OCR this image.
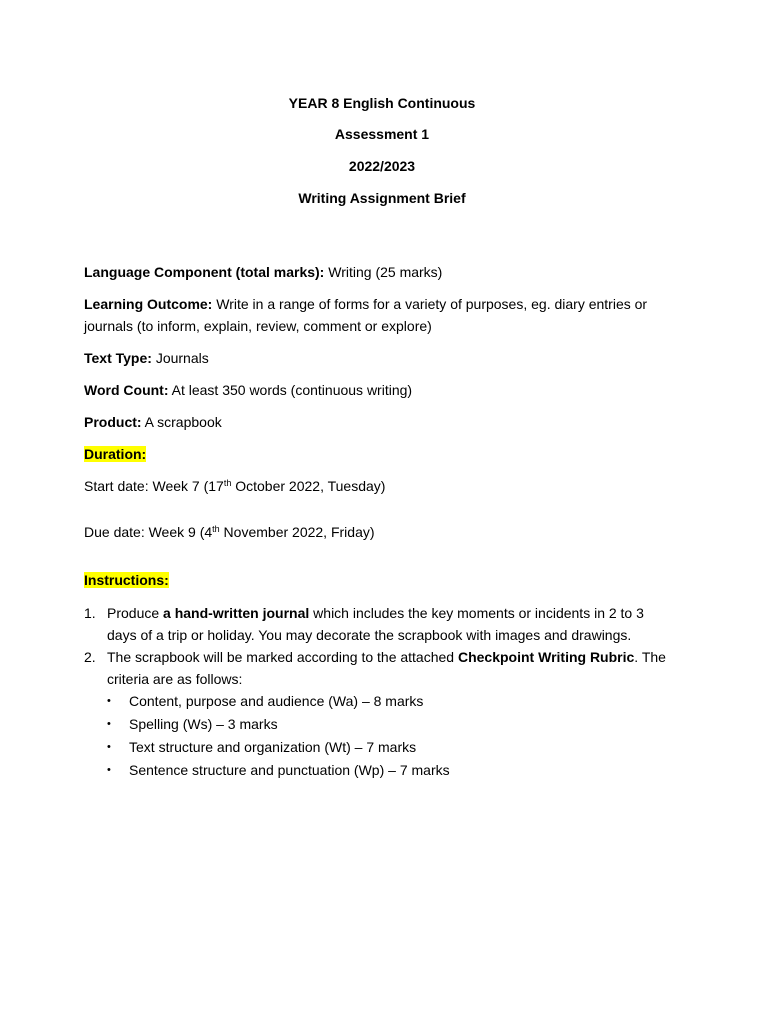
YEAR 8 English Continuous
Assessment 1
2022/2023
Writing Assignment Brief
Language Component (total marks): Writing (25 marks)
Learning Outcome: Write in a range of forms for a variety of purposes, eg. diary entries or
journals (to inform, explain, review, comment or explore)
Text Type: Journals
Word Count: At least 350 words (continuous writing)
Product: A scrapbook
Duration:
Start date: Week 7 (17th October 2022, Tuesday)
Due date: Week 9 (4th November 2022, Friday)
Instructions:
1. Produce a hand-written journal which includes the key moments or incidents in 2 to 3
days of a trip or holiday. You may decorate the scrapbook with images and drawings.
2. The scrapbook will be marked according to the attached Checkpoint Writing Rubric. The
criteria are as follows:
• Content, purpose and audience (Wa) – 8 marks
• Spelling (Ws) – 3 marks
• Text structure and organization (Wt) – 7 marks
• Sentence structure and punctuation (Wp) – 7 marks
